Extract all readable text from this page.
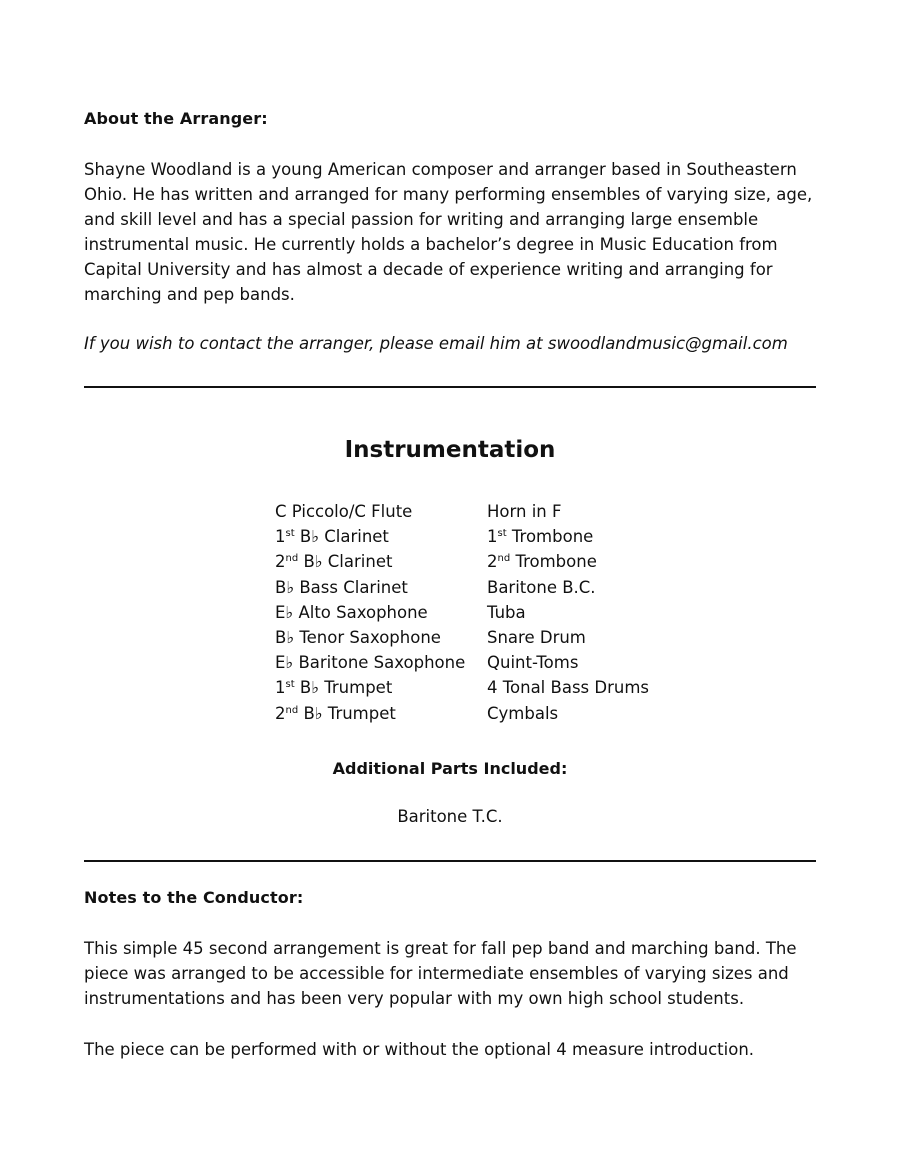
About the Arranger:

Shayne Woodland is a young American composer and arranger based in Southeastern Ohio. He has written and arranged for many performing ensembles of varying size, age, and skill level and has a special passion for writing and arranging large ensemble instrumental music. He currently holds a bachelor’s degree in Music Education from Capital University and has almost a decade of experience writing and arranging for marching and pep bands.

If you wish to contact the arranger, please email him at swoodlandmusic@gmail.com
Instrumentation
C Piccolo/C Flute
1st B♭ Clarinet
2nd B♭ Clarinet
B♭ Bass Clarinet
E♭ Alto Saxophone
B♭ Tenor Saxophone
E♭ Baritone Saxophone
1st B♭ Trumpet
2nd B♭ Trumpet
Horn in F
1st Trombone
2nd Trombone
Baritone B.C.
Tuba
Snare Drum
Quint-Toms
4 Tonal Bass Drums
Cymbals
Additional Parts Included:
Baritone T.C.
Notes to the Conductor:

This simple 45 second arrangement is great for fall pep band and marching band. The piece was arranged to be accessible for intermediate ensembles of varying sizes and instrumentations and has been very popular with my own high school students.

The piece can be performed with or without the optional 4 measure introduction.
